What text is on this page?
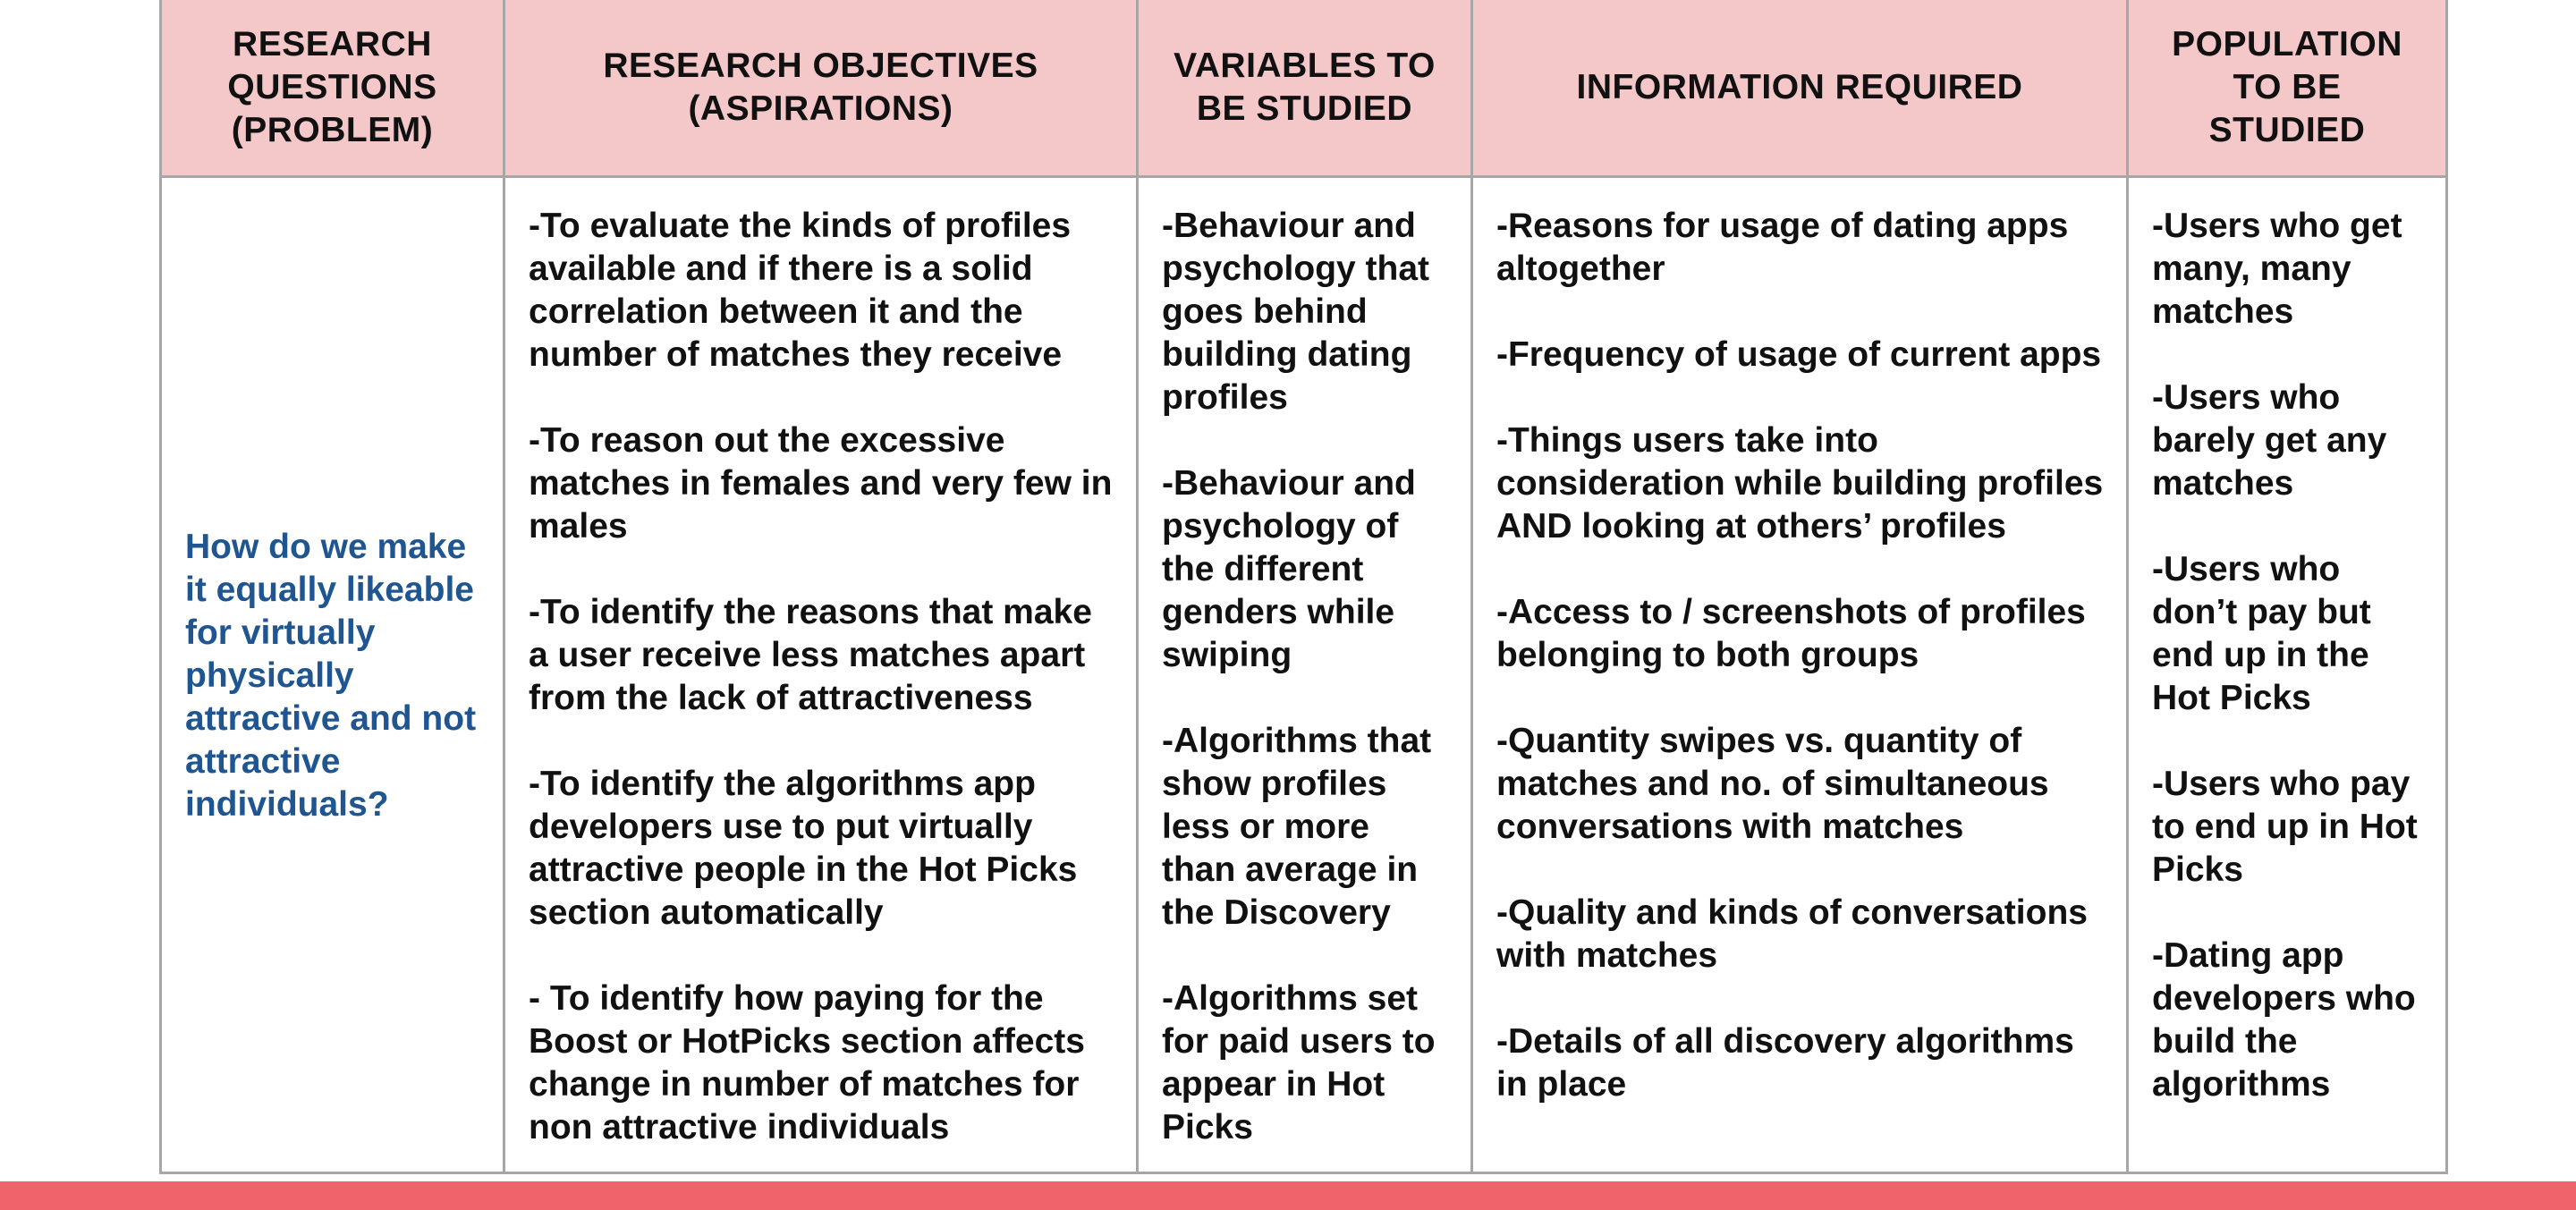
RESEARCH
QUESTIONS
(PROBLEM)
RESEARCH OBJECTIVES
(ASPIRATIONS)
VARIABLES TO
BE STUDIED
INFORMATION REQUIRED
POPULATION
TO BE
STUDIED
How do we make it equally likeable for virtually physically attractive and not attractive individuals?

-To evaluate the kinds of profiles available and if there is a solid correlation between it and the number of matches they receive

-To reason out the excessive matches in females and very few in males

-To identify the reasons that make a user receive less matches apart from the lack of attractiveness

-To identify the algorithms app developers use to put virtually attractive people in the Hot Picks section automatically

- To identify how paying for the Boost or HotPicks section affects change in number of matches for non attractive individuals

-Behaviour and psychology that goes behind building dating profiles

-Behaviour and psychology of the different genders while swiping

-Algorithms that show profiles less or more than average in the Discovery

-Algorithms set for paid users to appear in Hot Picks

-Reasons for usage of dating apps altogether

-Frequency of usage of current apps

-Things users take into consideration while building profiles AND looking at others’ profiles

-Access to / screenshots of profiles belonging to both groups

-Quantity swipes vs. quantity of matches and no. of simultaneous conversations with matches

-Quality and kinds of conversations with matches

-Details of all discovery algorithms in place

-Users who get many, many matches

-Users who barely get any matches

-Users who don’t pay but end up in the Hot Picks

-Users who pay to end up in Hot Picks

-Dating app developers who build the algorithms
